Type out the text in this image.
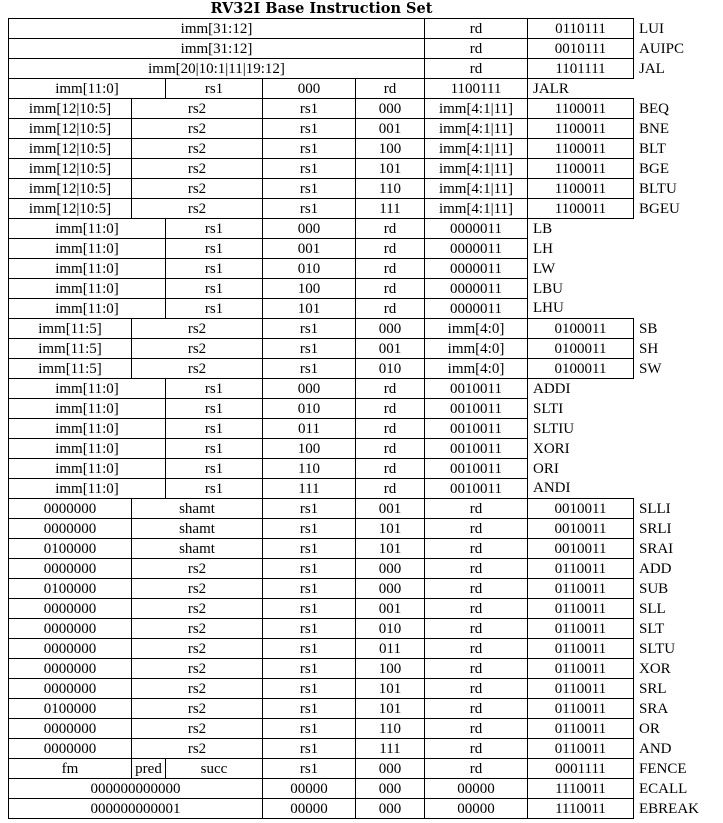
RV32I Base Instruction Set
imm[31:12]					rd	0110111	LUI
imm[31:12]					rd	0010111	AUIPC
imm[20|10:1|11|19:12]					rd	1101111	JAL
imm[11:0]		rs1	000	rd	1100111	JALR	
imm[12|10:5]	rs2		rs1	000	imm[4:1|11]	1100011	BEQ
imm[12|10:5]	rs2		rs1	001	imm[4:1|11]	1100011	BNE
imm[12|10:5]	rs2		rs1	100	imm[4:1|11]	1100011	BLT
imm[12|10:5]	rs2		rs1	101	imm[4:1|11]	1100011	BGE
imm[12|10:5]	rs2		rs1	110	imm[4:1|11]	1100011	BLTU
imm[12|10:5]	rs2		rs1	111	imm[4:1|11]	1100011	BGEU
imm[11:0]		rs1	000	rd	0000011	LB	
imm[11:0]		rs1	001	rd	0000011	LH	
imm[11:0]		rs1	010	rd	0000011	LW	
imm[11:0]		rs1	100	rd	0000011	LBU	
imm[11:0]		rs1	101	rd	0000011	LHU	
imm[11:5]	rs2		rs1	000	imm[4:0]	0100011	SB
imm[11:5]	rs2		rs1	001	imm[4:0]	0100011	SH
imm[11:5]	rs2		rs1	010	imm[4:0]	0100011	SW
imm[11:0]		rs1	000	rd	0010011	ADDI	
imm[11:0]		rs1	010	rd	0010011	SLTI	
imm[11:0]		rs1	011	rd	0010011	SLTIU	
imm[11:0]		rs1	100	rd	0010011	XORI	
imm[11:0]		rs1	110	rd	0010011	ORI	
imm[11:0]		rs1	111	rd	0010011	ANDI	
0000000	shamt		rs1	001	rd	0010011	SLLI
0000000	shamt		rs1	101	rd	0010011	SRLI
0100000	shamt		rs1	101	rd	0010011	SRAI
0000000	rs2		rs1	000	rd	0110011	ADD
0100000	rs2		rs1	000	rd	0110011	SUB
0000000	rs2		rs1	001	rd	0110011	SLL
0000000	rs2		rs1	010	rd	0110011	SLT
0000000	rs2		rs1	011	rd	0110011	SLTU
0000000	rs2		rs1	100	rd	0110011	XOR
0000000	rs2		rs1	101	rd	0110011	SRL
0100000	rs2		rs1	101	rd	0110011	SRA
0000000	rs2		rs1	110	rd	0110011	OR
0000000	rs2		rs1	111	rd	0110011	AND
fm	pred	succ	rs1	000	rd	0001111	FENCE
000000000000			00000	000	00000	1110011	ECALL
000000000001			00000	000	00000	1110011	EBREAK
